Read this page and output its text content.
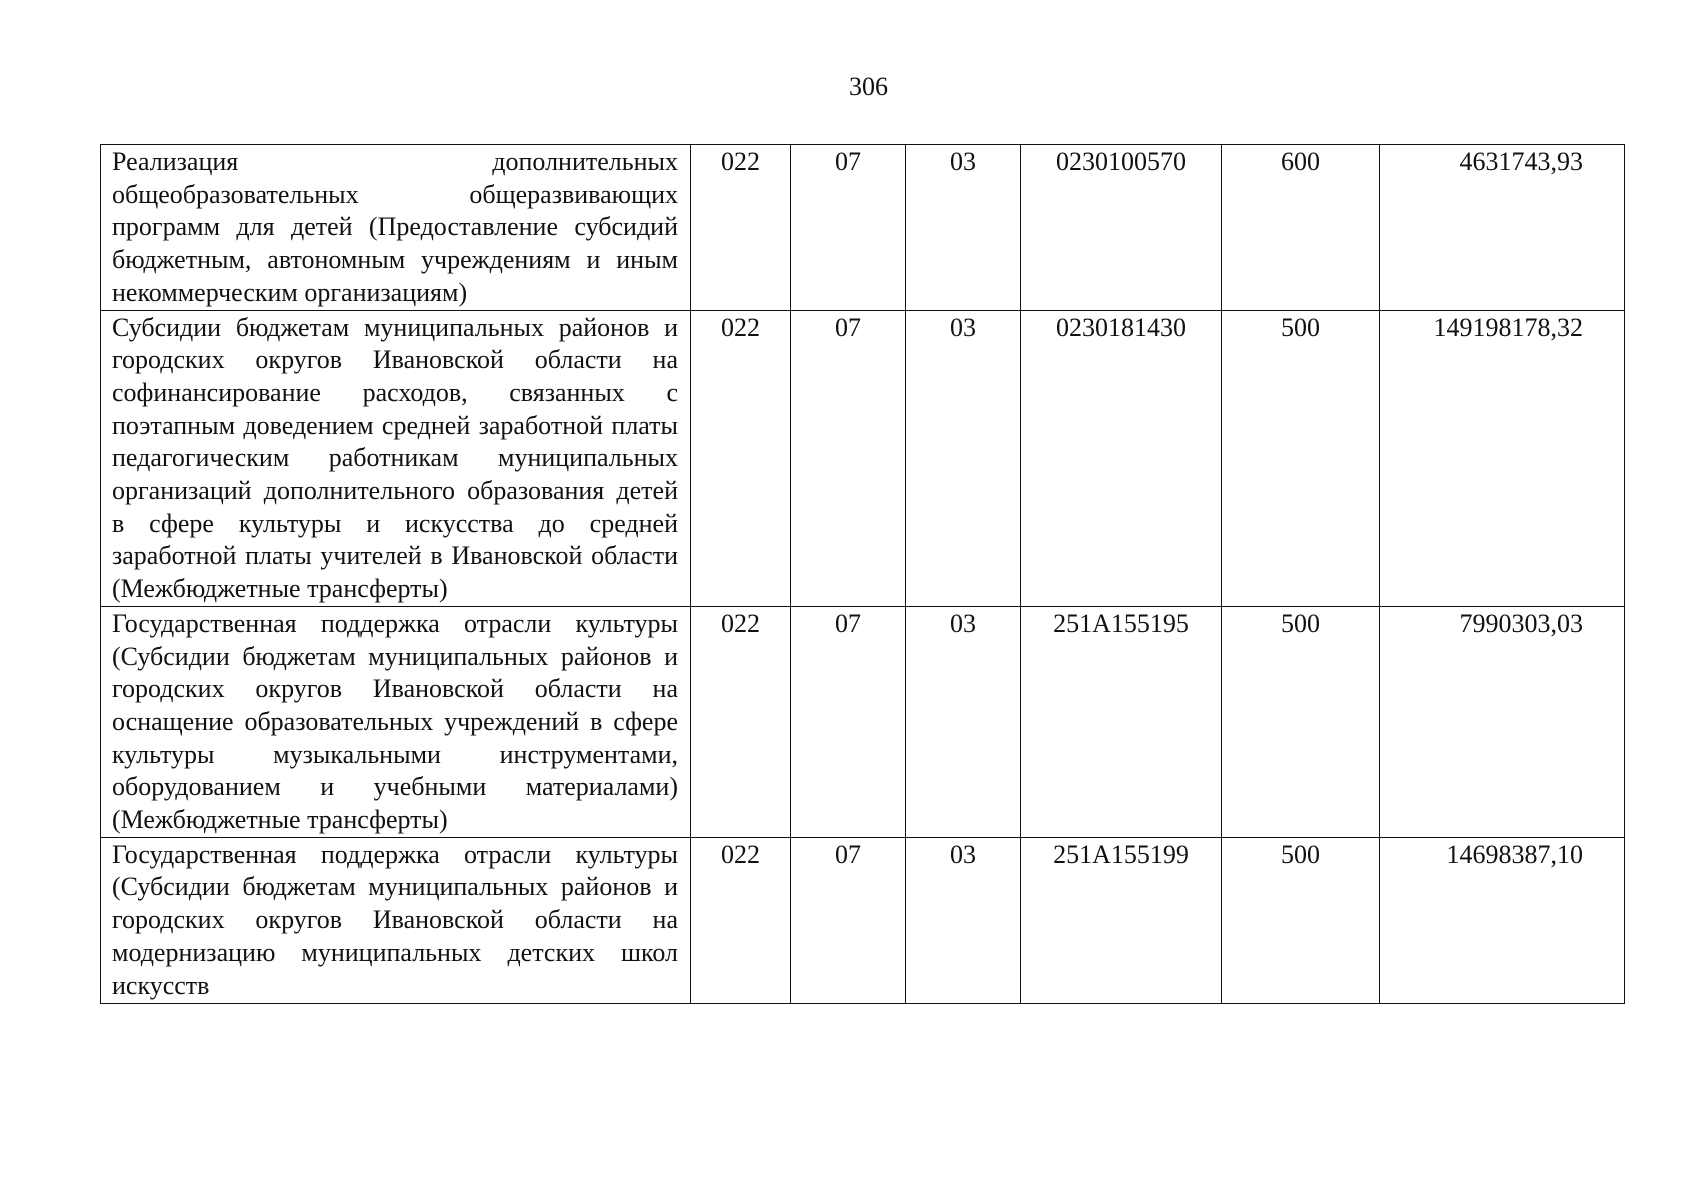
306
Реализация дополнительных общеобразовательных общеразвивающих программ для детей (Предоставление субсидий бюджетным, автономным учреждениям и иным некоммерческим организациям)	022	07	03	0230100570	600	4631743,93
Субсидии бюджетам муниципальных районов и городских округов Ивановской области на софинансирование расходов, связанных с поэтапным доведением средней заработной платы педагогическим работникам муниципальных организаций дополнительного образования детей в сфере культуры и искусства до средней заработной платы учителей в Ивановской области (Межбюджетные трансферты)	022	07	03	0230181430	500	149198178,32
Государственная поддержка отрасли культуры (Субсидии бюджетам муниципальных районов и городских округов Ивановской области на оснащение образовательных учреждений в сфере культуры музыкальными инструментами, оборудованием и учебными материалами) (Межбюджетные трансферты)	022	07	03	251A155195	500	7990303,03

Государственная поддержка отрасли культуры (Субсидии бюджетам муниципальных районов и городских округов Ивановской области на модернизацию муниципальных детских школ искусств	022	07	03	251A155199	500	14698387,10
